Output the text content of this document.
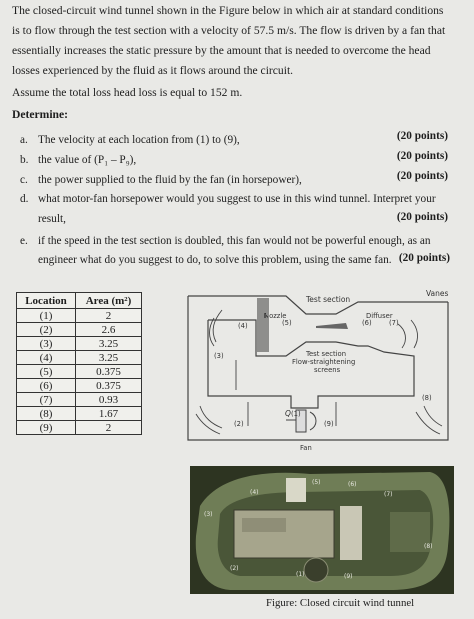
The closed-circuit wind tunnel shown in the Figure below in which air at standard conditions
is to flow through the test section with a velocity of 57.5 m/s. The flow is driven by a fan that
essentially increases the static pressure by the amount that is needed to overcome the head
losses experienced by the fluid as it flows around the circuit.
Assume the total loss head loss is equal to 152 m.
Determine:
a. The velocity at each location from (1) to (9),	(20 points)
b. the value of (P₁ – P₉),	(20 points)
c. the power supplied to the fluid by the fan (in horsepower),	(20 points)
d. what motor-fan horsepower would you suggest to use in this wind tunnel. Interpret your
result,	(20 points)
e. if the speed in the test section is doubled, this fan would not be powerful enough, as an
engineer what do you suggest to do, to solve this problem, using the same fan. (20 points)
Location	Area (m²)
(1)	2
(2)	2.6
(3)	3.25
(4)	3.25
(5)	0.375
(6)	0.375
(7)	0.93
(8)	1.67
(9)	2
Test section
Vanes
Nozzle	Diffuser
Test section
Flow-straightening
screens
Fan
Q
(4)	(5)	(6)	(7)
(3)
(8)
(2)
(1)
(9)
(4)
(5)	(6)
(7)
(3)
(8)
(2)
(1)	(9)
Figure: Closed circuit wind tunnel
